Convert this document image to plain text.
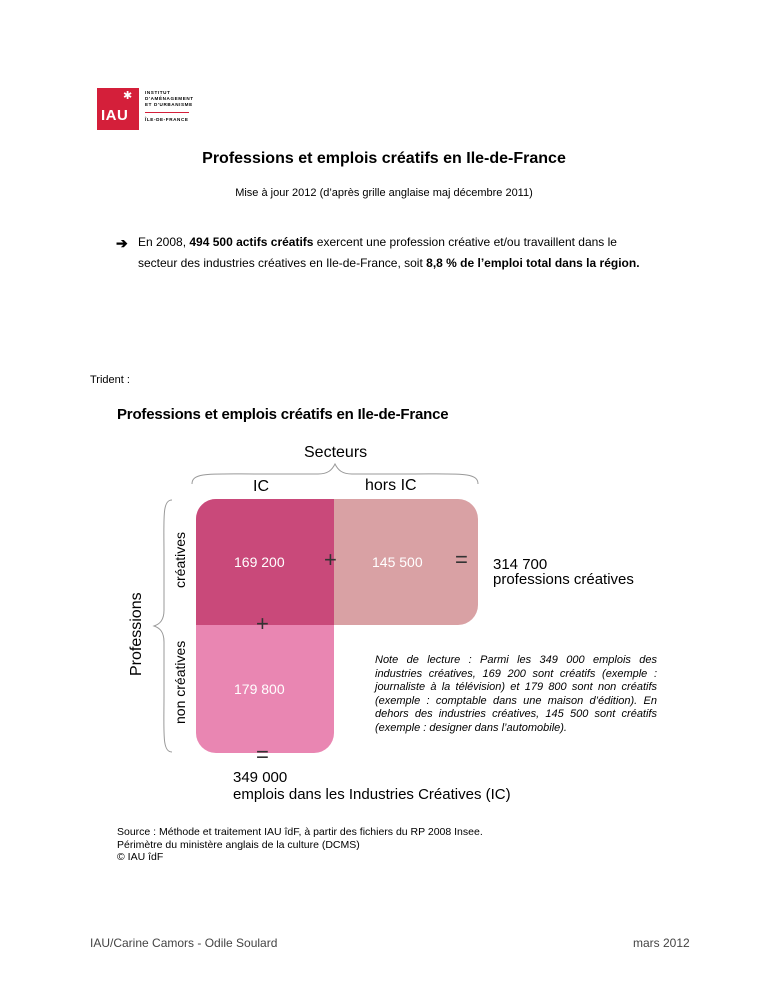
✱
IAU
INSTITUT
D'AMÉNAGEMENT
ET D'URBANISME
ÎLE-DE-FRANCE
Professions et emplois créatifs en Ile-de-France
Mise à jour 2012 (d’après grille anglaise maj décembre 2011)
➔ En 2008, 494 500 actifs créatifs exercent une profession créative et/ou travaillent dans le secteur des industries créatives en Ile-de-France, soit 8,8 % de l’emploi total dans la région.
Trident :
Professions et emplois créatifs en Ile-de-France
Secteurs
IC	hors IC
169 200	145 500
179 800
+	=
+
=
314 700
professions créatives
349 000
emplois dans les Industries Créatives (IC)
Professions
créatives
non créatives	Note de lecture : Parmi les 349 000 emplois des industries créatives, 169 200 sont créatifs (exemple : journaliste à la télévision) et 179 800 sont non créatifs (exemple : comptable dans une maison d’édition). En dehors des industries créatives, 145 500 sont créatifs (exemple : designer dans l’automobile).
Source : Méthode et traitement IAU îdF, à partir des fichiers du RP 2008 Insee.
Périmètre du ministère anglais de la culture (DCMS)
© IAU îdF
IAU/Carine Camors - Odile Soulard	mars 2012
